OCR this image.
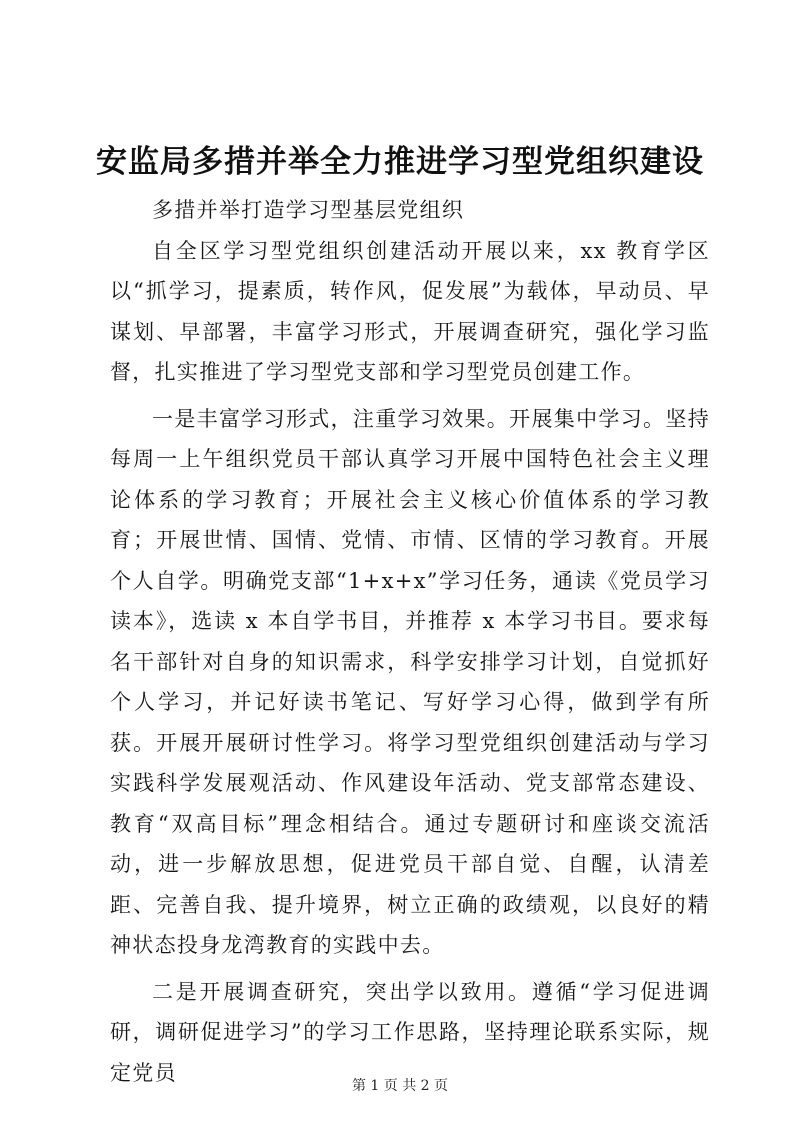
安监局多措并举全力推进学习型党组织建设

多措并举打造学习型基层党组织

自全区学习型党组织创建活动开展以来，xx 教育学区以“抓学习，提素质，转作风，促发展”为载体，早动员、早谋划、早部署，丰富学习形式，开展调查研究，强化学习监督，扎实推进了学习型党支部和学习型党员创建工作。

一是丰富学习形式，注重学习效果。开展集中学习。坚持每周一上午组织党员干部认真学习开展中国特色社会主义理论体系的学习教育；开展社会主义核心价值体系的学习教育；开展世情、国情、党情、市情、区情的学习教育。开展个人自学。明确党支部“1+x+x”学习任务，通读《党员学习读本》，选读 x 本自学书目，并推荐 x 本学习书目。要求每名干部针对自身的知识需求，科学安排学习计划，自觉抓好个人学习，并记好读书笔记、写好学习心得，做到学有所获。开展开展研讨性学习。将学习型党组织创建活动与学习实践科学发展观活动、作风建设年活动、党支部常态建设、教育“双高目标”理念相结合。通过专题研讨和座谈交流活动，进一步解放思想，促进党员干部自觉、自醒，认清差距、完善自我、提升境界，树立正确的政绩观，以良好的精神状态投身龙湾教育的实践中去。

二是开展调查研究，突出学以致用。遵循“学习促进调研，调研促进学习”的学习工作思路，坚持理论联系实际，规定党员

第 1 页 共 2 页
